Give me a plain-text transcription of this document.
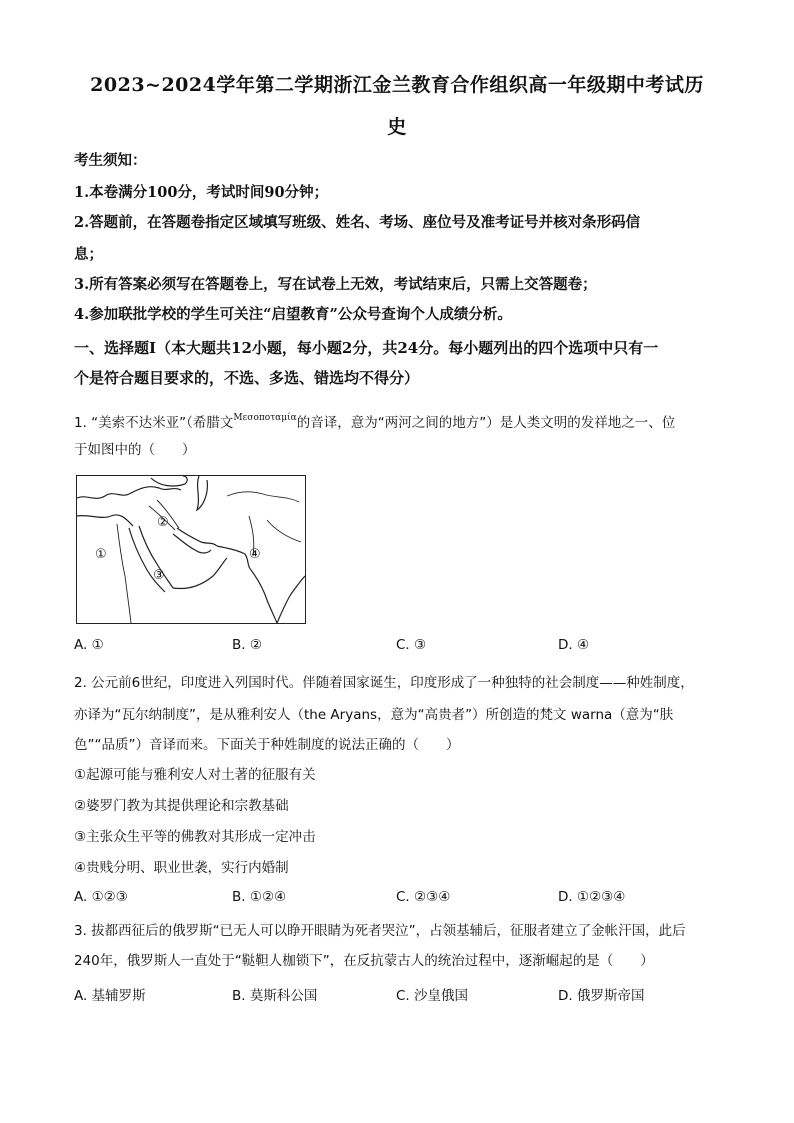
2023~2024学年第二学期浙江金兰教育合作组织高一年级期中考试历
史
考生须知：
1.本卷满分100分，考试时间90分钟；
2.答题前，在答题卷指定区域填写班级、姓名、考场、座位号及准考证号并核对条形码信
息；
3.所有答案必须写在答题卷上，写在试卷上无效，考试结束后，只需上交答题卷；
4.参加联批学校的学生可关注“启望教育”公众号查询个人成绩分析。
一、选择题Ⅰ（本大题共12小题，每小题2分，共24分。每小题列出的四个选项中只有一
个是符合题目要求的，不选、多选、错选均不得分）
1. “美索不达米亚”（希腊文$^{M\varepsilon\sigma o\pi o\tau\alpha\mu ί\alpha}$的音译，意为“两河之间的地方”）是人类文明的发祥地之一、位
于如图中的（　　）
①
②
③
④
A. ①	B. ②	C. ③	D. ④
2. 公元前6世纪，印度进入列国时代。伴随着国家诞生，印度形成了一种独特的社会制度——种姓制度，
亦译为“瓦尔纳制度”，是从雅利安人（the Aryans，意为“高贵者”）所创造的梵文 warna（意为“肤
色”“品质”）音译而来。下面关于种姓制度的说法正确的（　　）
①起源可能与雅利安人对土著的征服有关
②婆罗门教为其提供理论和宗教基础
③主张众生平等的佛教对其形成一定冲击
④贵贱分明、职业世袭，实行内婚制
A. ①②③	B. ①②④	C. ②③④	D. ①②③④
3. 拔都西征后的俄罗斯“已无人可以睁开眼睛为死者哭泣”，占领基辅后，征服者建立了金帐汗国，此后
240年，俄罗斯人一直处于“鞑靼人枷锁下”，在反抗蒙古人的统治过程中，逐渐崛起的是（　　）
A. 基辅罗斯	B. 莫斯科公国	C. 沙皇俄国	D. 俄罗斯帝国
